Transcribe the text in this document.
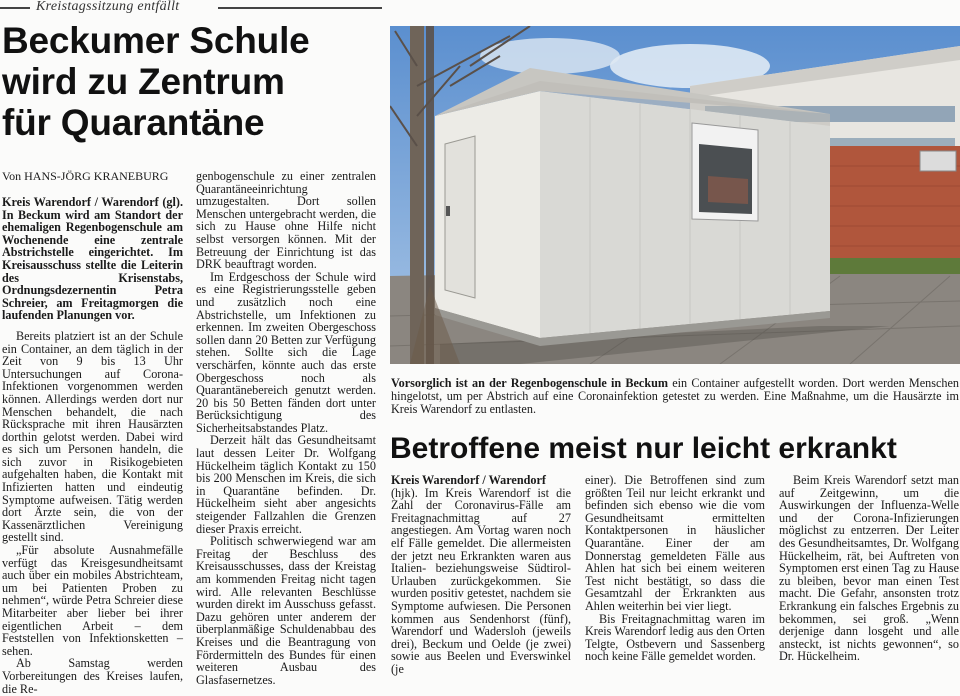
Kreistagssitzung entfällt
Beckumer Schule
wird zu Zentrum
für Quarantäne
Von HANS-JÖRG KRANEBURG

Kreis Warendorf / Warendorf (gl). In Beckum wird am Standort der ehemaligen Regenbogenschule am Wochenende eine zentrale Abstrichstelle eingerichtet. Im Kreisausschuss stellte die Leiterin des Krisenstabs, Ordnungsdezernentin Petra Schreier, am Freitagmorgen die laufenden Planungen vor.

Bereits platziert ist an der Schule ein Container, an dem täglich in der Zeit von 9 bis 13 Uhr Untersuchungen auf Corona-Infektionen vorgenommen werden können. Allerdings werden dort nur Menschen behandelt, die nach Rücksprache mit ihren Hausärzten dorthin gelotst werden. Dabei wird es sich um Personen handeln, die sich zuvor in Risikogebieten aufgehalten haben, die Kontakt mit Infizierten hatten und eindeutig Symptome aufweisen. Tätig werden dort Ärzte sein, die von der Kassenärztlichen Vereinigung gestellt sind.

„Für absolute Ausnahmefälle verfügt das Kreisgesundheitsamt auch über ein mobiles Abstrichteam, um bei Patienten Proben zu nehmen“, würde Petra Schreier diese Mitarbeiter aber lieber bei ihrer eigentlichen Arbeit – dem Feststellen von Infektionsketten – sehen.

Ab Samstag werden Vorbereitungen des Kreises laufen, die Re-

genbogenschule zu einer zentralen Quarantäneeinrichtung umzugestalten. Dort sollen Menschen untergebracht werden, die sich zu Hause ohne Hilfe nicht selbst versorgen können. Mit der Betreuung der Einrichtung ist das DRK beauftragt worden.

Im Erdgeschoss der Schule wird es eine Registrierungsstelle geben und zusätzlich noch eine Abstrichstelle, um Infektionen zu erkennen. Im zweiten Obergeschoss sollen dann 20 Betten zur Verfügung stehen. Sollte sich die Lage verschärfen, könnte auch das erste Obergeschoss noch als Quarantänebereich genutzt werden. 20 bis 50 Betten fänden dort unter Berücksichtigung des Sicherheitsabstandes Platz.

Derzeit hält das Gesundheitsamt laut dessen Leiter Dr. Wolfgang Hückelheim täglich Kontakt zu 150 bis 200 Menschen im Kreis, die sich in Quarantäne befinden. Dr. Hückelheim sieht aber angesichts steigender Fallzahlen die Grenzen dieser Praxis erreicht.

Politisch schwerwiegend war am Freitag der Beschluss des Kreisausschusses, dass der Kreistag am kommenden Freitag nicht tagen wird. Alle relevanten Beschlüsse wurden direkt im Ausschuss gefasst. Dazu gehören unter anderem der überplanmäßige Schuldenabbau des Kreises und die Beantragung von Fördermitteln des Bundes für einen weiteren Ausbau des Glasfasernetzes.

Vorsorglich ist an der Regenbogenschule in Beckum ein Container aufgestellt worden. Dort werden Menschen hingelotst, um per Abstrich auf eine Coronainfektion getestet zu werden. Eine Maßnahme, um die Hausärzte im Kreis Warendorf zu entlasten.
Betroffene meist nur leicht erkrankt

Kreis Warendorf / Warendorf
(hjk). Im Kreis Warendorf ist die Zahl der Coronavirus-Fälle am Freitagnachmittag auf 27 angestiegen. Am Vortag waren noch elf Fälle gemeldet. Die allermeisten der jetzt neu Erkrankten waren aus Italien- beziehungsweise Südtirol-Urlauben zurückgekommen. Sie wurden positiv getestet, nachdem sie Symptome aufwiesen. Die Personen kommen aus Sendenhorst (fünf), Warendorf und Wadersloh (jeweils drei), Beckum und Oelde (je zwei) sowie aus Beelen und Everswinkel (je

einer). Die Betroffenen sind zum größten Teil nur leicht erkrankt und befinden sich ebenso wie die vom Gesundheitsamt ermittelten Kontaktpersonen in häuslicher Quarantäne. Einer der am Donnerstag gemeldeten Fälle aus Ahlen hat sich bei einem weiteren Test nicht bestätigt, so dass die Gesamtzahl der Erkrankten aus Ahlen weiterhin bei vier liegt.

Bis Freitagnachmittag waren im Kreis Warendorf ledig aus den Orten Telgte, Ostbevern und Sassenberg noch keine Fälle gemeldet worden.

Beim Kreis Warendorf setzt man auf Zeitgewinn, um die Auswirkungen der Influenza-Welle und der Corona-Infizierungen möglichst zu entzerren. Der Leiter des Gesundheitsamtes, Dr. Wolfgang Hückelheim, rät, bei Auftreten von Symptomen erst einen Tag zu Hause zu bleiben, bevor man einen Test macht. Die Gefahr, ansonsten trotz Erkrankung ein falsches Ergebnis zu bekommen, sei groß. „Wenn derjenige dann losgeht und alle ansteckt, ist nichts gewonnen“, so Dr. Hückelheim.
